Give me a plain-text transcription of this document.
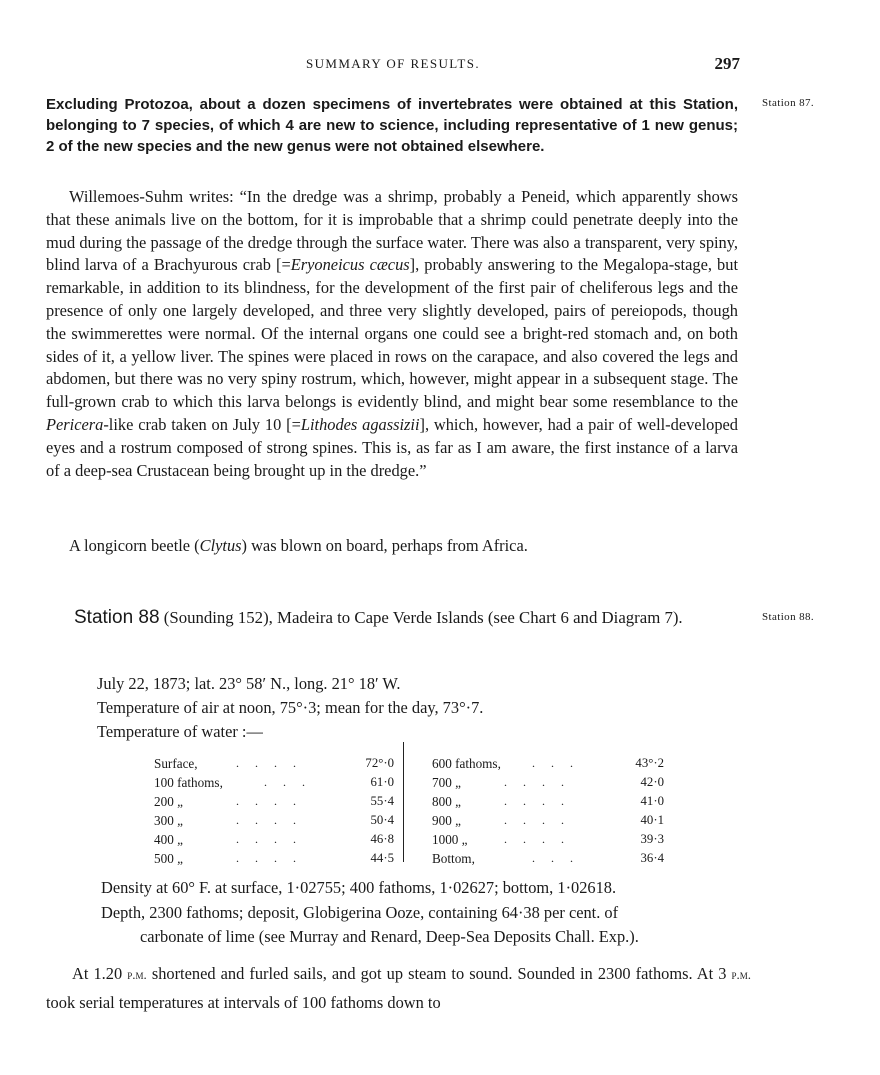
SUMMARY OF RESULTS.	297
Station 87.
Station 88.

Excluding Protozoa, about a dozen specimens of invertebrates were obtained at this Station, belonging to 7 species, of which 4 are new to science, including representative of 1 new genus; 2 of the new species and the new genus were not obtained elsewhere.

Willemoes-Suhm writes: “In the dredge was a shrimp, probably a Peneid, which apparently shows that these animals live on the bottom, for it is improbable that a shrimp could penetrate deeply into the mud during the passage of the dredge through the surface water. There was also a transparent, very spiny, blind larva of a Brachyurous crab [=Eryoneicus cæcus], probably answering to the Megalopa-stage, but remarkable, in addition to its blindness, for the development of the first pair of cheliferous legs and the presence of only one largely developed, and three very slightly developed, pairs of pereiopods, though the swimmerettes were normal. Of the internal organs one could see a bright-red stomach and, on both sides of it, a yellow liver. The spines were placed in rows on the carapace, and also covered the legs and abdomen, but there was no very spiny rostrum, which, however, might appear in a subsequent stage. The full-grown crab to which this larva belongs is evidently blind, and might bear some resemblance to the Pericera-like crab taken on July 10 [=Lithodes agassizii], which, however, had a pair of well-developed eyes and a rostrum composed of strong spines. This is, as far as I am aware, the first instance of a larva of a deep-sea Crustacean being brought up in the dredge.”

A longicorn beetle (Clytus) was blown on board, perhaps from Africa.

Station 88 (Sounding 152), Madeira to Cape Verde Islands (see Chart 6 and Diagram 7).

July 22, 1873; lat. 23° 58′ N., long. 21° 18′ W.
Temperature of air at noon, 75°·3; mean for the day, 73°·7.
Temperature of water :—
Surface,	....	72°·0
100 fathoms,	...	61·0
200 „	....	55·4
300 „	....	50·4
400 „	....	46·8
500 „	....	44·5
600 fathoms,	...	43°·2
700 „	....	42·0
800 „	....	41·0
900 „	....	40·1
1000 „	....	39·3
Bottom,	...	36·4
Density at 60° F. at surface, 1·02755; 400 fathoms, 1·02627; bottom, 1·02618.

Depth, 2300 fathoms; deposit, Globigerina Ooze, containing 64·38 per cent. of
carbonate of lime (see Murray and Renard, Deep-Sea Deposits Chall. Exp.).

At 1.20 p.m. shortened and furled sails, and got up steam to sound. Sounded in 2300 fathoms. At 3 p.m. took serial temperatures at intervals of 100 fathoms down to
